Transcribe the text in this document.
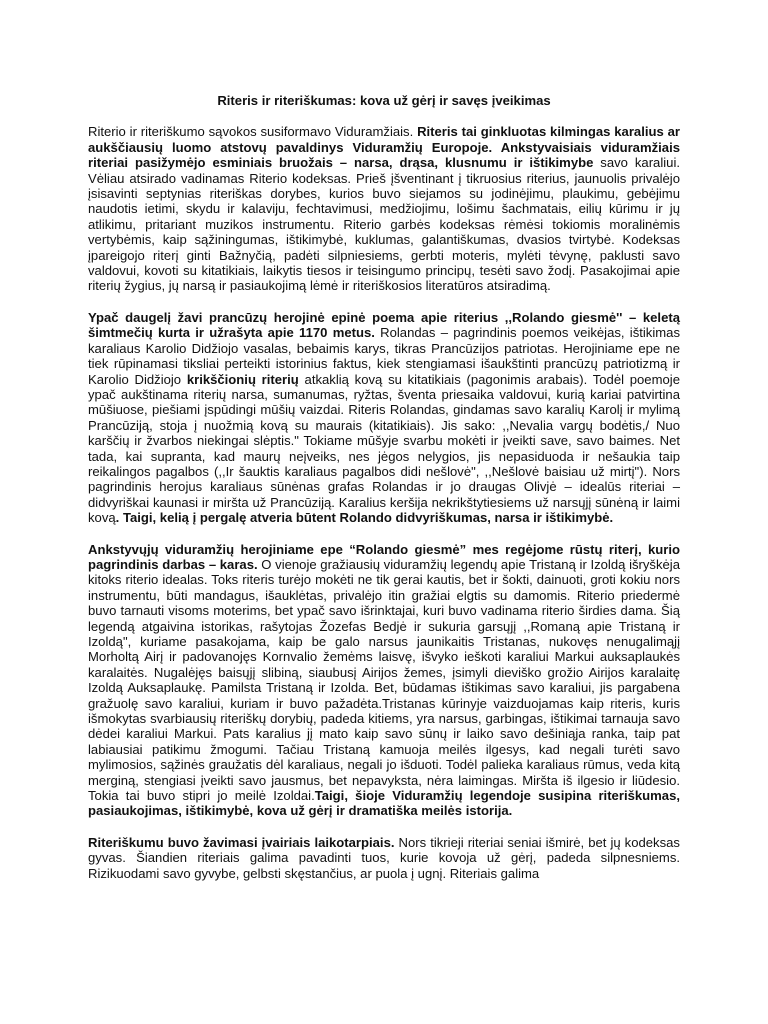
Riteris ir riteriškumas: kova už gėrį ir savęs įveikimas
Riterio ir riteriškumo sąvokos susiformavo Viduramžiais. Riteris tai ginkluotas kilmingas karalius ar aukščiausių luomo atstovų pavaldinys Viduramžių Europoje. Ankstyvaisiais viduramžiais riteriai pasižymėjo esminiais bruožais – narsa, drąsa, klusnumu ir ištikimybe savo karaliui. Vėliau atsirado vadinamas Riterio kodeksas. Prieš įšventinant į tikruosius riterius, jaunuolis privalėjo įsisavinti septynias riteriškas dorybes, kurios buvo siejamos su jodinėjimu, plaukimu, gebėjimu naudotis ietimi, skydu ir kalaviju, fechtavimusi, medžiojimu, lošimu šachmatais, eilių kūrimu ir jų atlikimu, pritariant muzikos instrumentu. Riterio garbės kodeksas rėmėsi tokiomis moralinėmis vertybėmis, kaip sąžiningumas, ištikimybė, kuklumas, galantiškumas, dvasios tvirtybė. Kodeksas įpareigojo riterį ginti Bažnyčią, padėti silpniesiems, gerbti moteris, mylėti tėvynę, paklusti savo valdovui, kovoti su kitatikiais, laikytis tiesos ir teisingumo principų, tesėti savo žodį. Pasakojimai apie riterių žygius, jų narsą ir pasiaukojimą lėmė ir riteriškosios literatūros atsiradimą.
Ypač daugelį žavi prancūzų herojinė epinė poema apie riterius ,,Rolando giesmė'' – keletą šimtmečių kurta ir užrašyta apie 1170 metus. Rolandas – pagrindinis poemos veikėjas, ištikimas karaliaus Karolio Didžiojo vasalas, bebaimis karys, tikras Prancūzijos patriotas. Herojiniame epe ne tiek rūpinamasi tiksliai perteikti istorinius faktus, kiek stengiamasi išaukštinti prancūzų patriotizmą ir Karolio Didžiojo krikščionių riterių atkaklią kovą su kitatikiais (pagonimis arabais). Todėl poemoje ypač aukštinama riterių narsa, sumanumas, ryžtas, šventa priesaika valdovui, kurią kariai patvirtina mūšiuose, piešiami įspūdingi mūšių vaizdai. Riteris Rolandas, gindamas savo karalių Karolį ir mylimą Prancūziją, stoja į nuožmią kovą su maurais (kitatikiais). Jis sako: ,,Nevalia vargų bodėtis,/ Nuo karščių ir žvarbos niekingai slėptis." Tokiame mūšyje svarbu mokėti ir įveikti save, savo baimes. Net tada, kai supranta, kad maurų neįveiks, nes jėgos nelygios, jis nepasiduoda ir nešaukia taip reikalingos pagalbos (,,Ir šauktis karaliaus pagalbos didi nešlovė", ,,Nešlovė baisiau už mirtį"). Nors pagrindinis herojus karaliaus sūnėnas grafas Rolandas ir jo draugas Olivjė – idealūs riteriai – didvyriškai kaunasi ir miršta už Prancūziją. Karalius keršija nekrikštytiesiems už narsųjį sūnėną ir laimi kovą. Taigi, kelią į pergalę atveria būtent Rolando didvyriškumas, narsa ir ištikimybė.
Ankstyvųjų viduramžių herojiniame epe “Rolando giesmė” mes regėjome rūstų riterį, kurio pagrindinis darbas – karas. O vienoje gražiausių viduramžių legendų apie Tristaną ir Izoldą išryškėja kitoks riterio idealas. Toks riteris turėjo mokėti ne tik gerai kautis, bet ir šokti, dainuoti, groti kokiu nors instrumentu, būti mandagus, išauklėtas, privalėjo itin gražiai elgtis su damomis. Riterio priedermė buvo tarnauti visoms moterims, bet ypač savo išrinktajai, kuri buvo vadinama riterio širdies dama. Šią legendą atgaivina istorikas, rašytojas Žozefas Bedjė ir sukuria garsųjį ,,Romaną apie Tristaną ir Izoldą", kuriame pasakojama, kaip be galo narsus jaunikaitis Tristanas, nukovęs nenugalimąjį Morholtą Airį ir padovanojęs Kornvalio žemėms laisvę, išvyko ieškoti karaliui Markui auksaplaukės karalaitės. Nugalėjęs baisųjį slibiną, siaubusį Airijos žemes, įsimyli dieviško grožio Airijos karalaitę Izoldą Auksaplaukę. Pamilsta Tristaną ir Izolda. Bet, būdamas ištikimas savo karaliui, jis pargabena gražuolę savo karaliui, kuriam ir buvo pažadėta.Tristanas kūrinyje vaizduojamas kaip riteris, kuris išmokytas svarbiausių riteriškų dorybių, padeda kitiems, yra narsus, garbingas, ištikimai tarnauja savo dėdei karaliui Markui. Pats karalius jį mato kaip savo sūnų ir laiko savo dešiniąja ranka, taip pat labiausiai patikimu žmogumi. Tačiau Tristaną kamuoja meilės ilgesys, kad negali turėti savo mylimosios, sąžinės graužatis dėl karaliaus, negali jo išduoti. Todėl palieka karaliaus rūmus, veda kitą merginą, stengiasi įveikti savo jausmus, bet nepavyksta, nėra laimingas. Miršta iš ilgesio ir liūdesio. Tokia tai buvo stipri jo meilė Izoldai.Taigi, šioje Viduramžių legendoje susipina riteriškumas, pasiaukojimas, ištikimybė, kova už gėrį ir dramatiška meilės istorija.
Riteriškumu buvo žavimasi įvairiais laikotarpiais. Nors tikrieji riteriai seniai išmirė, bet jų kodeksas gyvas. Šiandien riteriais galima pavadinti tuos, kurie kovoja už gėrį, padeda silpnesniems. Rizikuodami savo gyvybe, gelbsti skęstančius, ar puola į ugnį. Riteriais galima
